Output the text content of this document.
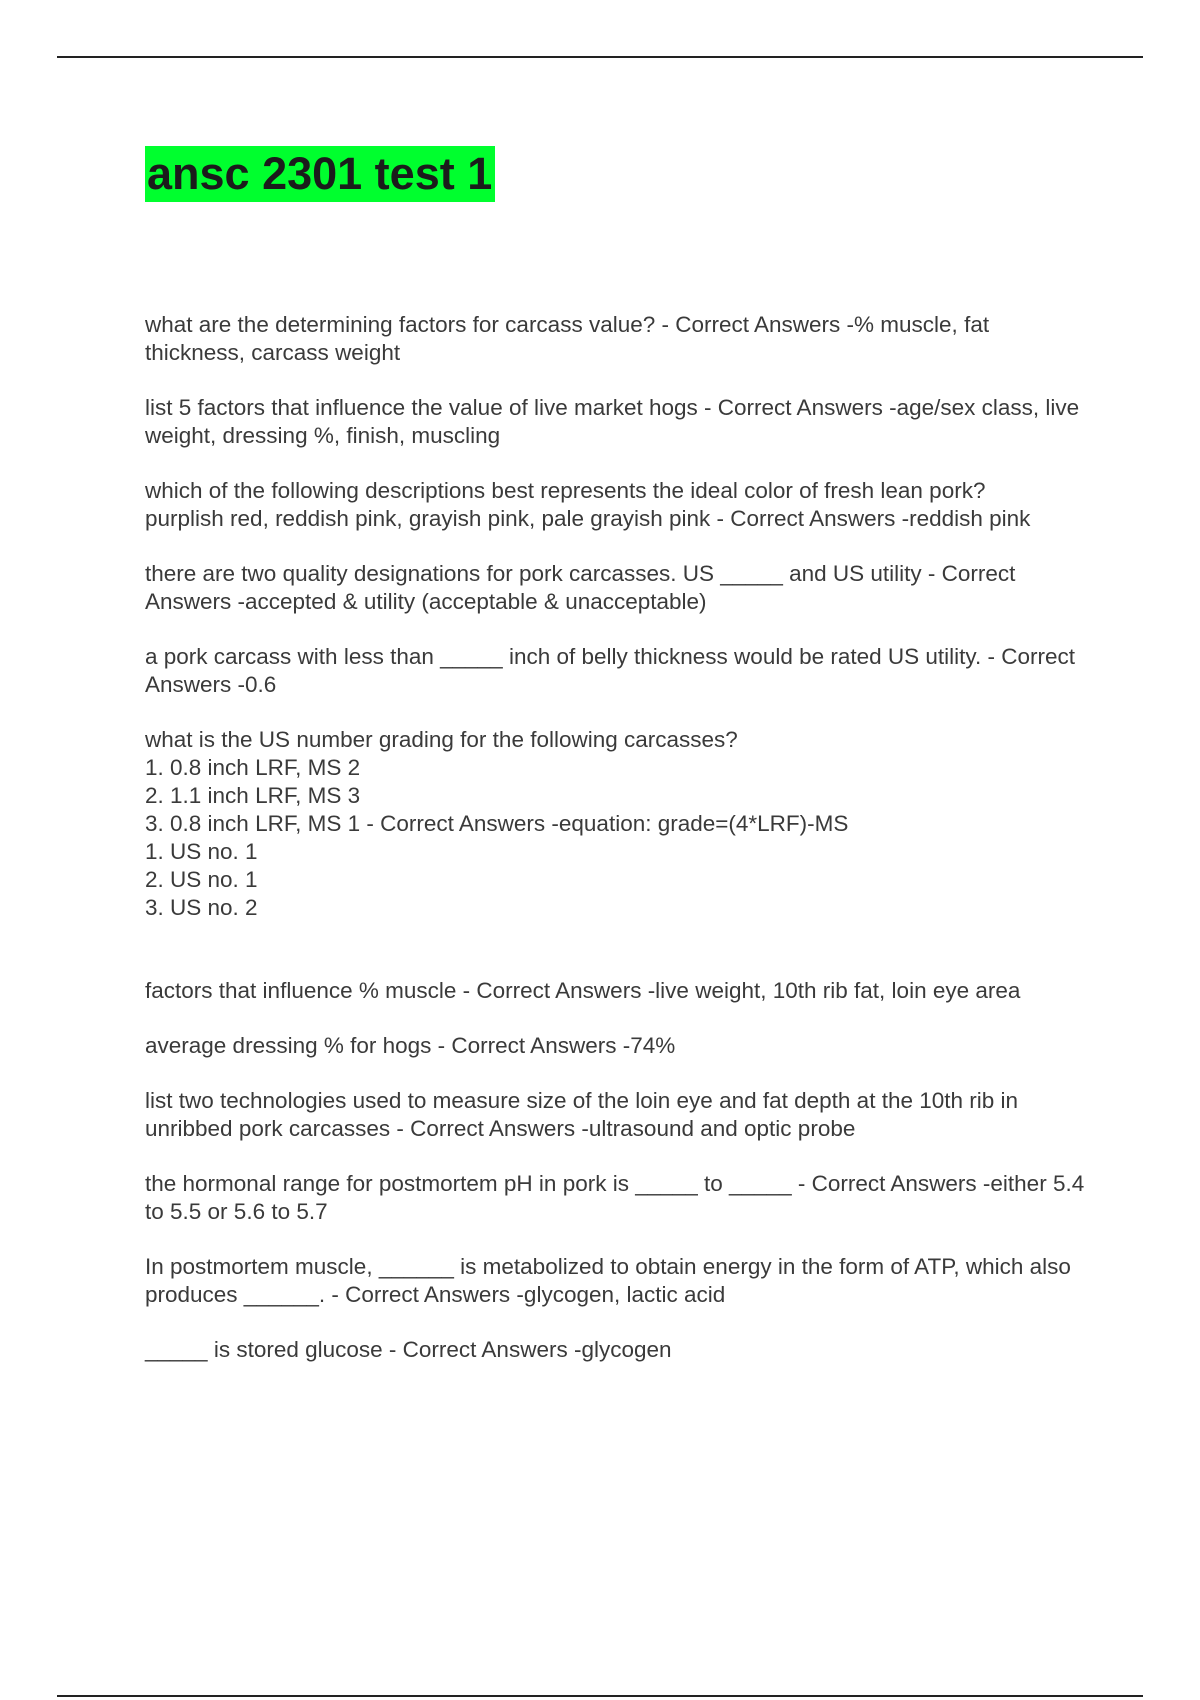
ansc 2301 test 1

what are the determining factors for carcass value? - Correct Answers -% muscle, fat thickness, carcass weight

list 5 factors that influence the value of live market hogs - Correct Answers -age/sex class, live weight, dressing %, finish, muscling

which of the following descriptions best represents the ideal color of fresh lean pork?
purplish red, reddish pink, grayish pink, pale grayish pink - Correct Answers -reddish pink

there are two quality designations for pork carcasses. US _____ and US utility - Correct Answers -accepted & utility (acceptable & unacceptable)

a pork carcass with less than _____ inch of belly thickness would be rated US utility. - Correct Answers -0.6

what is the US number grading for the following carcasses?
1. 0.8 inch LRF, MS 2
2. 1.1 inch LRF, MS 3
3. 0.8 inch LRF, MS 1 - Correct Answers -equation: grade=(4*LRF)-MS
1. US no. 1
2. US no. 1
3. US no. 2

factors that influence % muscle - Correct Answers -live weight, 10th rib fat, loin eye area

average dressing % for hogs - Correct Answers -74%

list two technologies used to measure size of the loin eye and fat depth at the 10th rib in unribbed pork carcasses - Correct Answers -ultrasound and optic probe

the hormonal range for postmortem pH in pork is _____ to _____ - Correct Answers -either 5.4 to 5.5 or 5.6 to 5.7

In postmortem muscle, ______ is metabolized to obtain energy in the form of ATP, which also produces ______. - Correct Answers -glycogen, lactic acid

_____ is stored glucose - Correct Answers -glycogen
